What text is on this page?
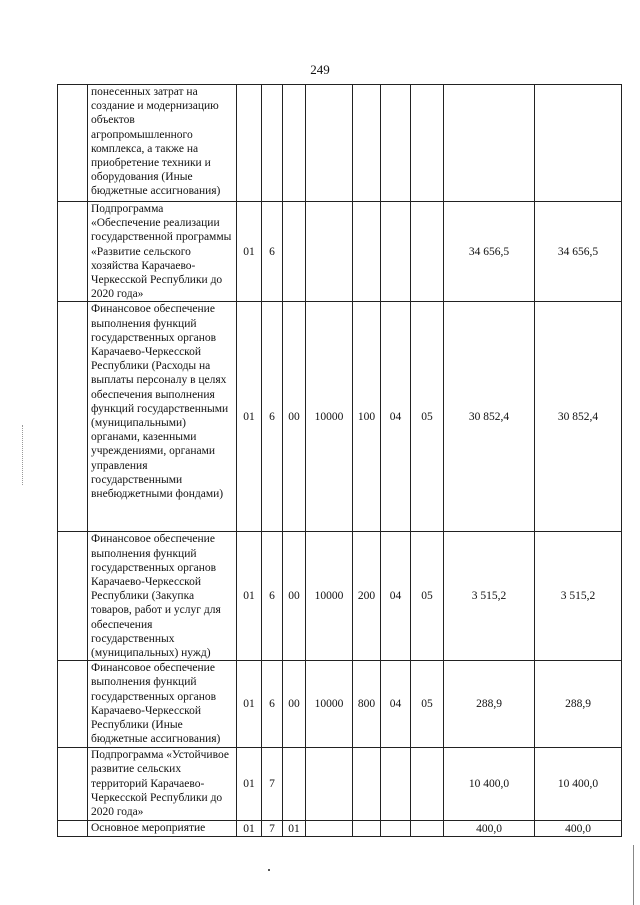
249
	понесенных затрат на создание и модернизацию объектов агропромышленного комплекса, а также на приобретение техники и оборудования (Иные бюджетные ассигнования)									
	Подпрограмма «Обеспечение реализации государственной программы «Развитие сельского хозяйства Карачаево-Черкесской Республики до 2020 года»	01	6						34 656,5	34 656,5
	Финансовое обеспечение выполнения функций государственных органов Карачаево-Черкесской Республики (Расходы на выплаты персоналу в целях обеспечения выполнения функций государственными (муниципальными) органами, казенными учреждениями, органами управления государственными внебюджетными фондами)	01	6	00	10000	100	04	05	30 852,4	30 852,4
	Финансовое обеспечение выполнения функций государственных органов Карачаево-Черкесской Республики (Закупка товаров, работ и услуг для обеспечения государственных (муниципальных) нужд)	01	6	00	10000	200	04	05	3 515,2	3 515,2
	Финансовое обеспечение выполнения функций государственных органов Карачаево-Черкесской Республики (Иные бюджетные ассигнования)	01	6	00	10000	800	04	05	288,9	288,9
	Подпрограмма «Устойчивое развитие сельских территорий Карачаево-Черкесской Республики до 2020 года»	01	7						10 400,0	10 400,0
	Основное мероприятие	01	7	01					400,0	400,0
